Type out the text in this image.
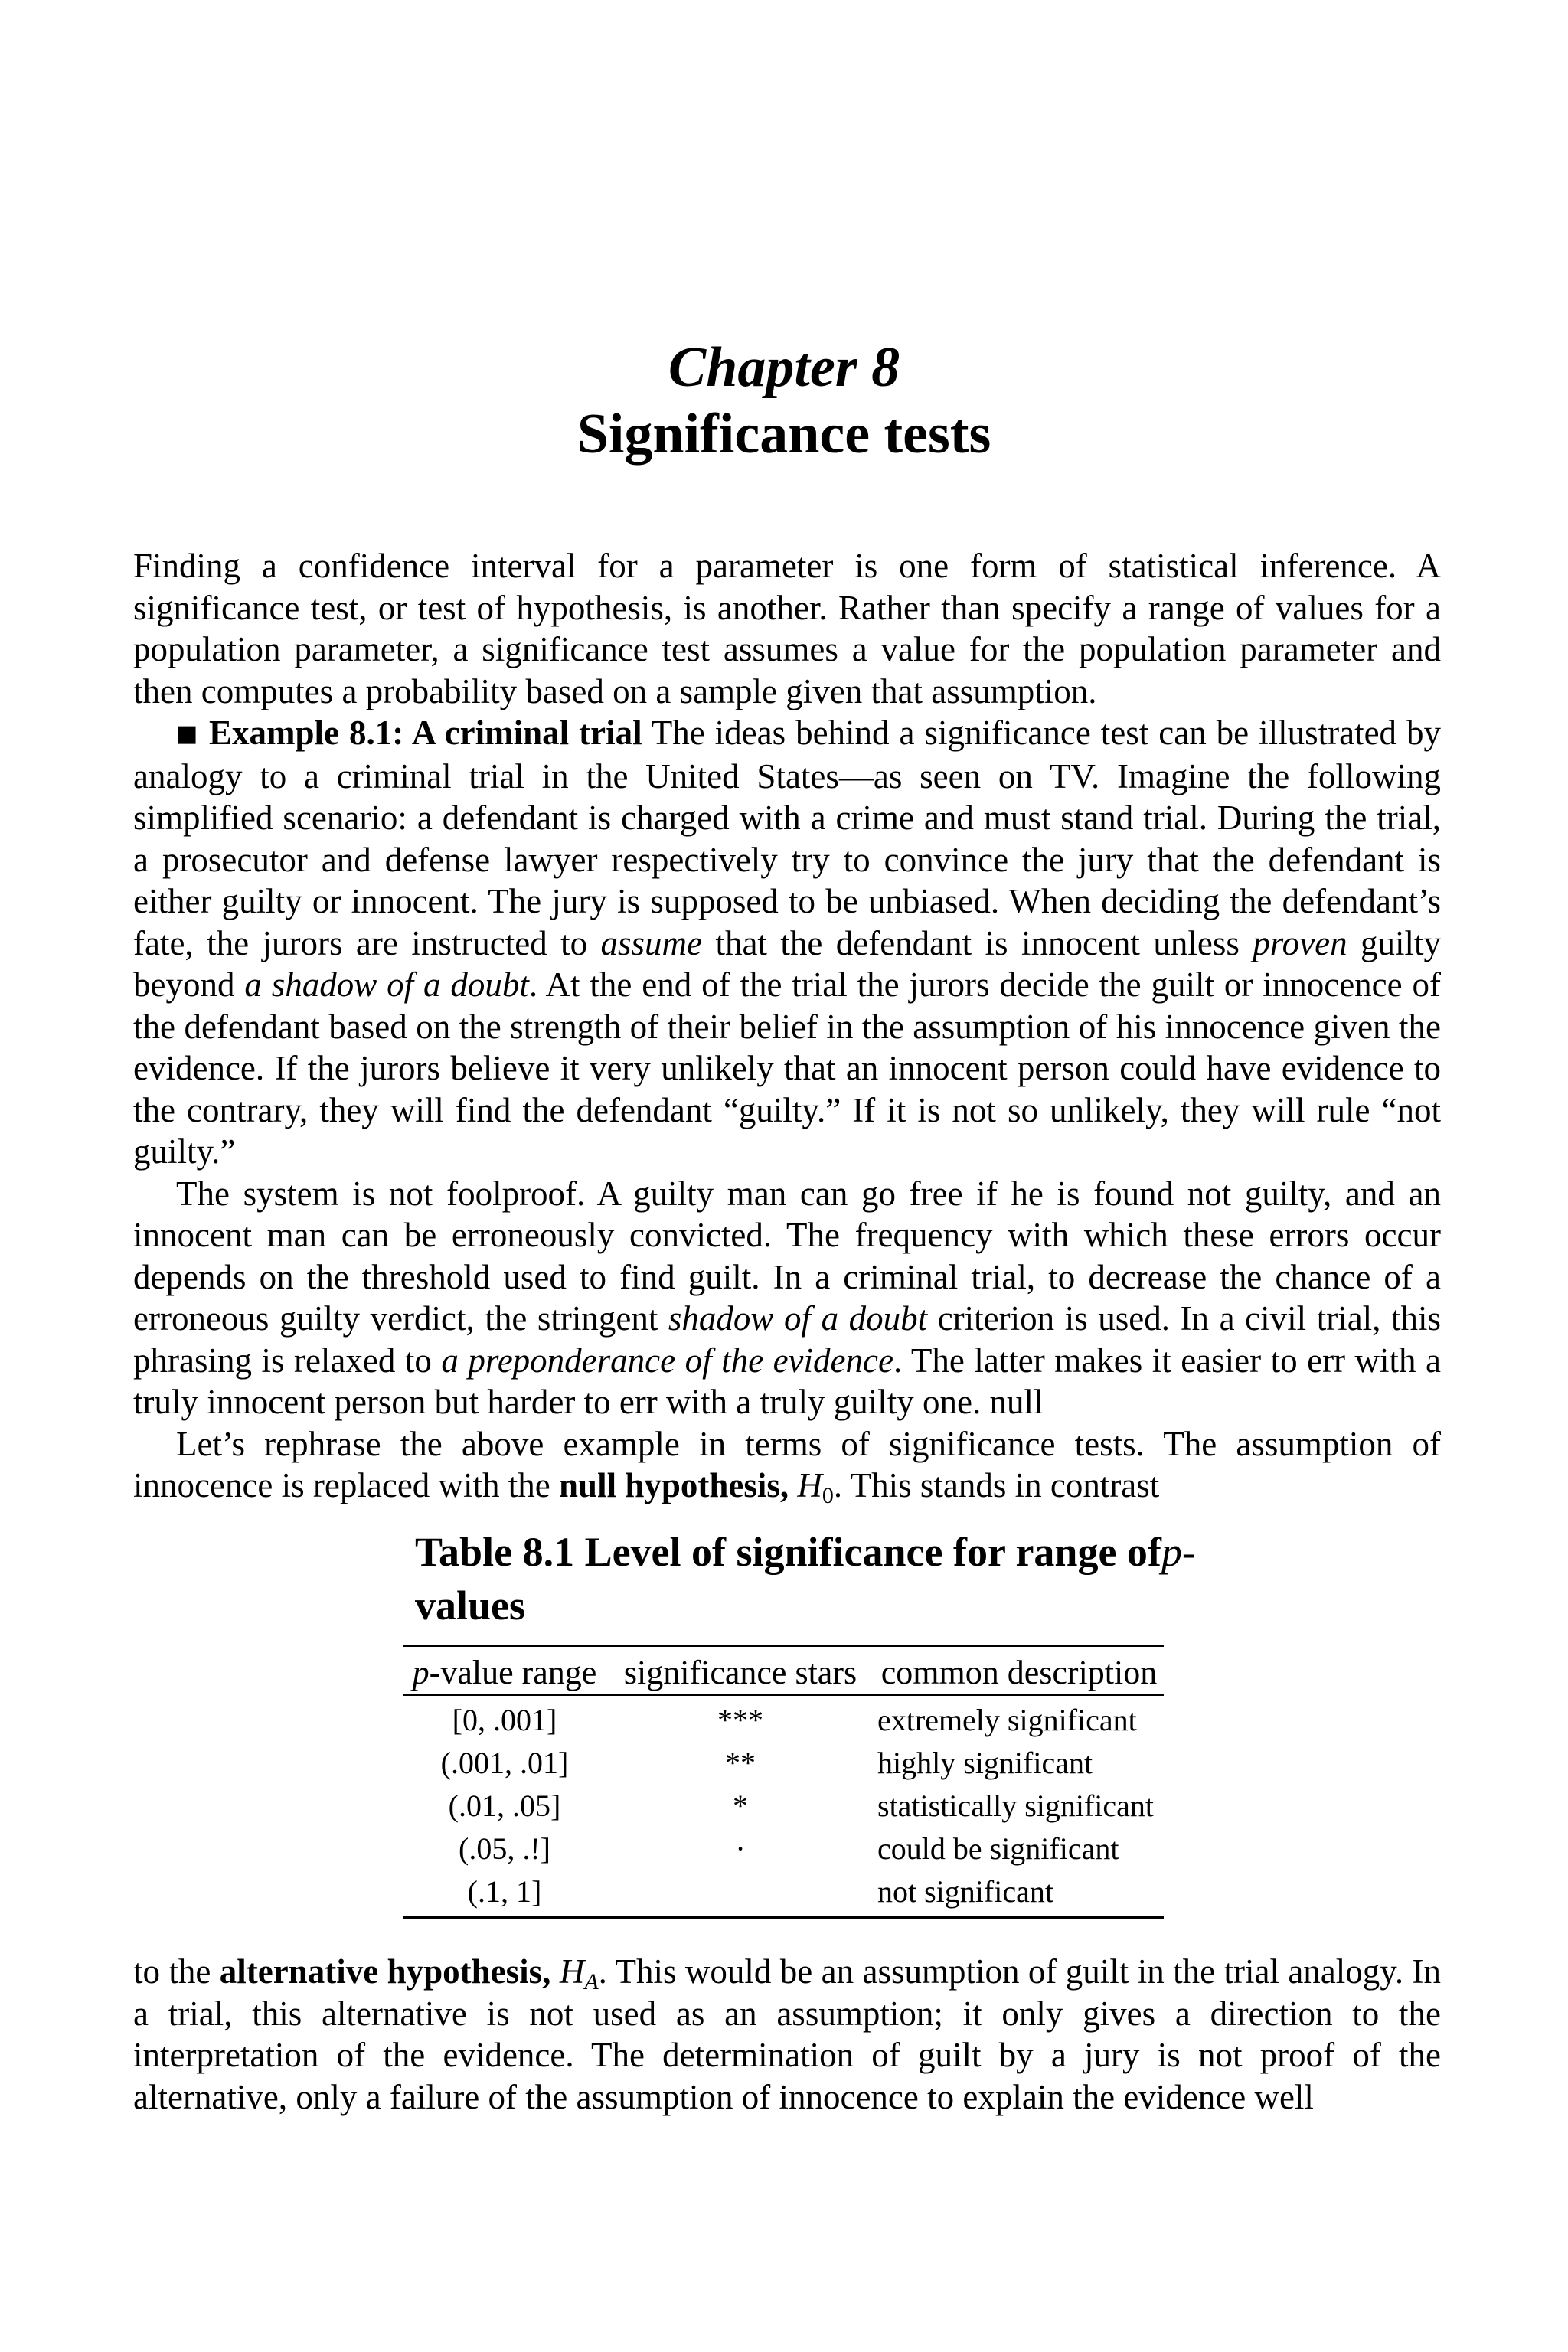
Chapter 8
Significance tests

Finding a confidence interval for a parameter is one form of statistical inference. A significance test, or test of hypothesis, is another. Rather than specify a range of values for a population parameter, a significance test assumes a value for the population parameter and then computes a probability based on a sample given that assumption.

■ Example 8.1: A criminal trial The ideas behind a significance test can be illustrated by analogy to a criminal trial in the United States—as seen on TV. Imagine the following simplified scenario: a defendant is charged with a crime and must stand trial. During the trial, a prosecutor and defense lawyer respectively try to convince the jury that the defendant is either guilty or innocent. The jury is supposed to be unbiased. When deciding the defendant’s fate, the jurors are instructed to assume that the defendant is innocent unless proven guilty beyond a shadow of a doubt. At the end of the trial the jurors decide the guilt or innocence of the defendant based on the strength of their belief in the assumption of his innocence given the evidence. If the jurors believe it very unlikely that an innocent person could have evidence to the contrary, they will find the defendant “guilty.” If it is not so unlikely, they will rule “not guilty.”

The system is not foolproof. A guilty man can go free if he is found not guilty, and an innocent man can be erroneously convicted. The frequency with which these errors occur depends on the threshold used to find guilt. In a criminal trial, to decrease the chance of a erroneous guilty verdict, the stringent shadow of a doubt criterion is used. In a civil trial, this phrasing is relaxed to a preponderance of the evidence. The latter makes it easier to err with a truly innocent person but harder to err with a truly guilty one. null

Let’s rephrase the above example in terms of significance tests. The assumption of innocence is replaced with the null hypothesis, $H_0$. This stands in contrast

Table 8.1 Level of significance for range ofp-
values
p-value range	significance stars	common description
[0, .001]	***	extremely significant
(.001, .01]	**	highly significant
(.01, .05]	*	statistically significant
(.05, .!]	·	could be significant
(.1, 1]		not significant

to the alternative hypothesis, $H_A$. This would be an assumption of guilt in the trial analogy. In a trial, this alternative is not used as an assumption; it only gives a direction to the interpretation of the evidence. The determination of guilt by a jury is not proof of the alternative, only a failure of the assumption of innocence to explain the evidence well
